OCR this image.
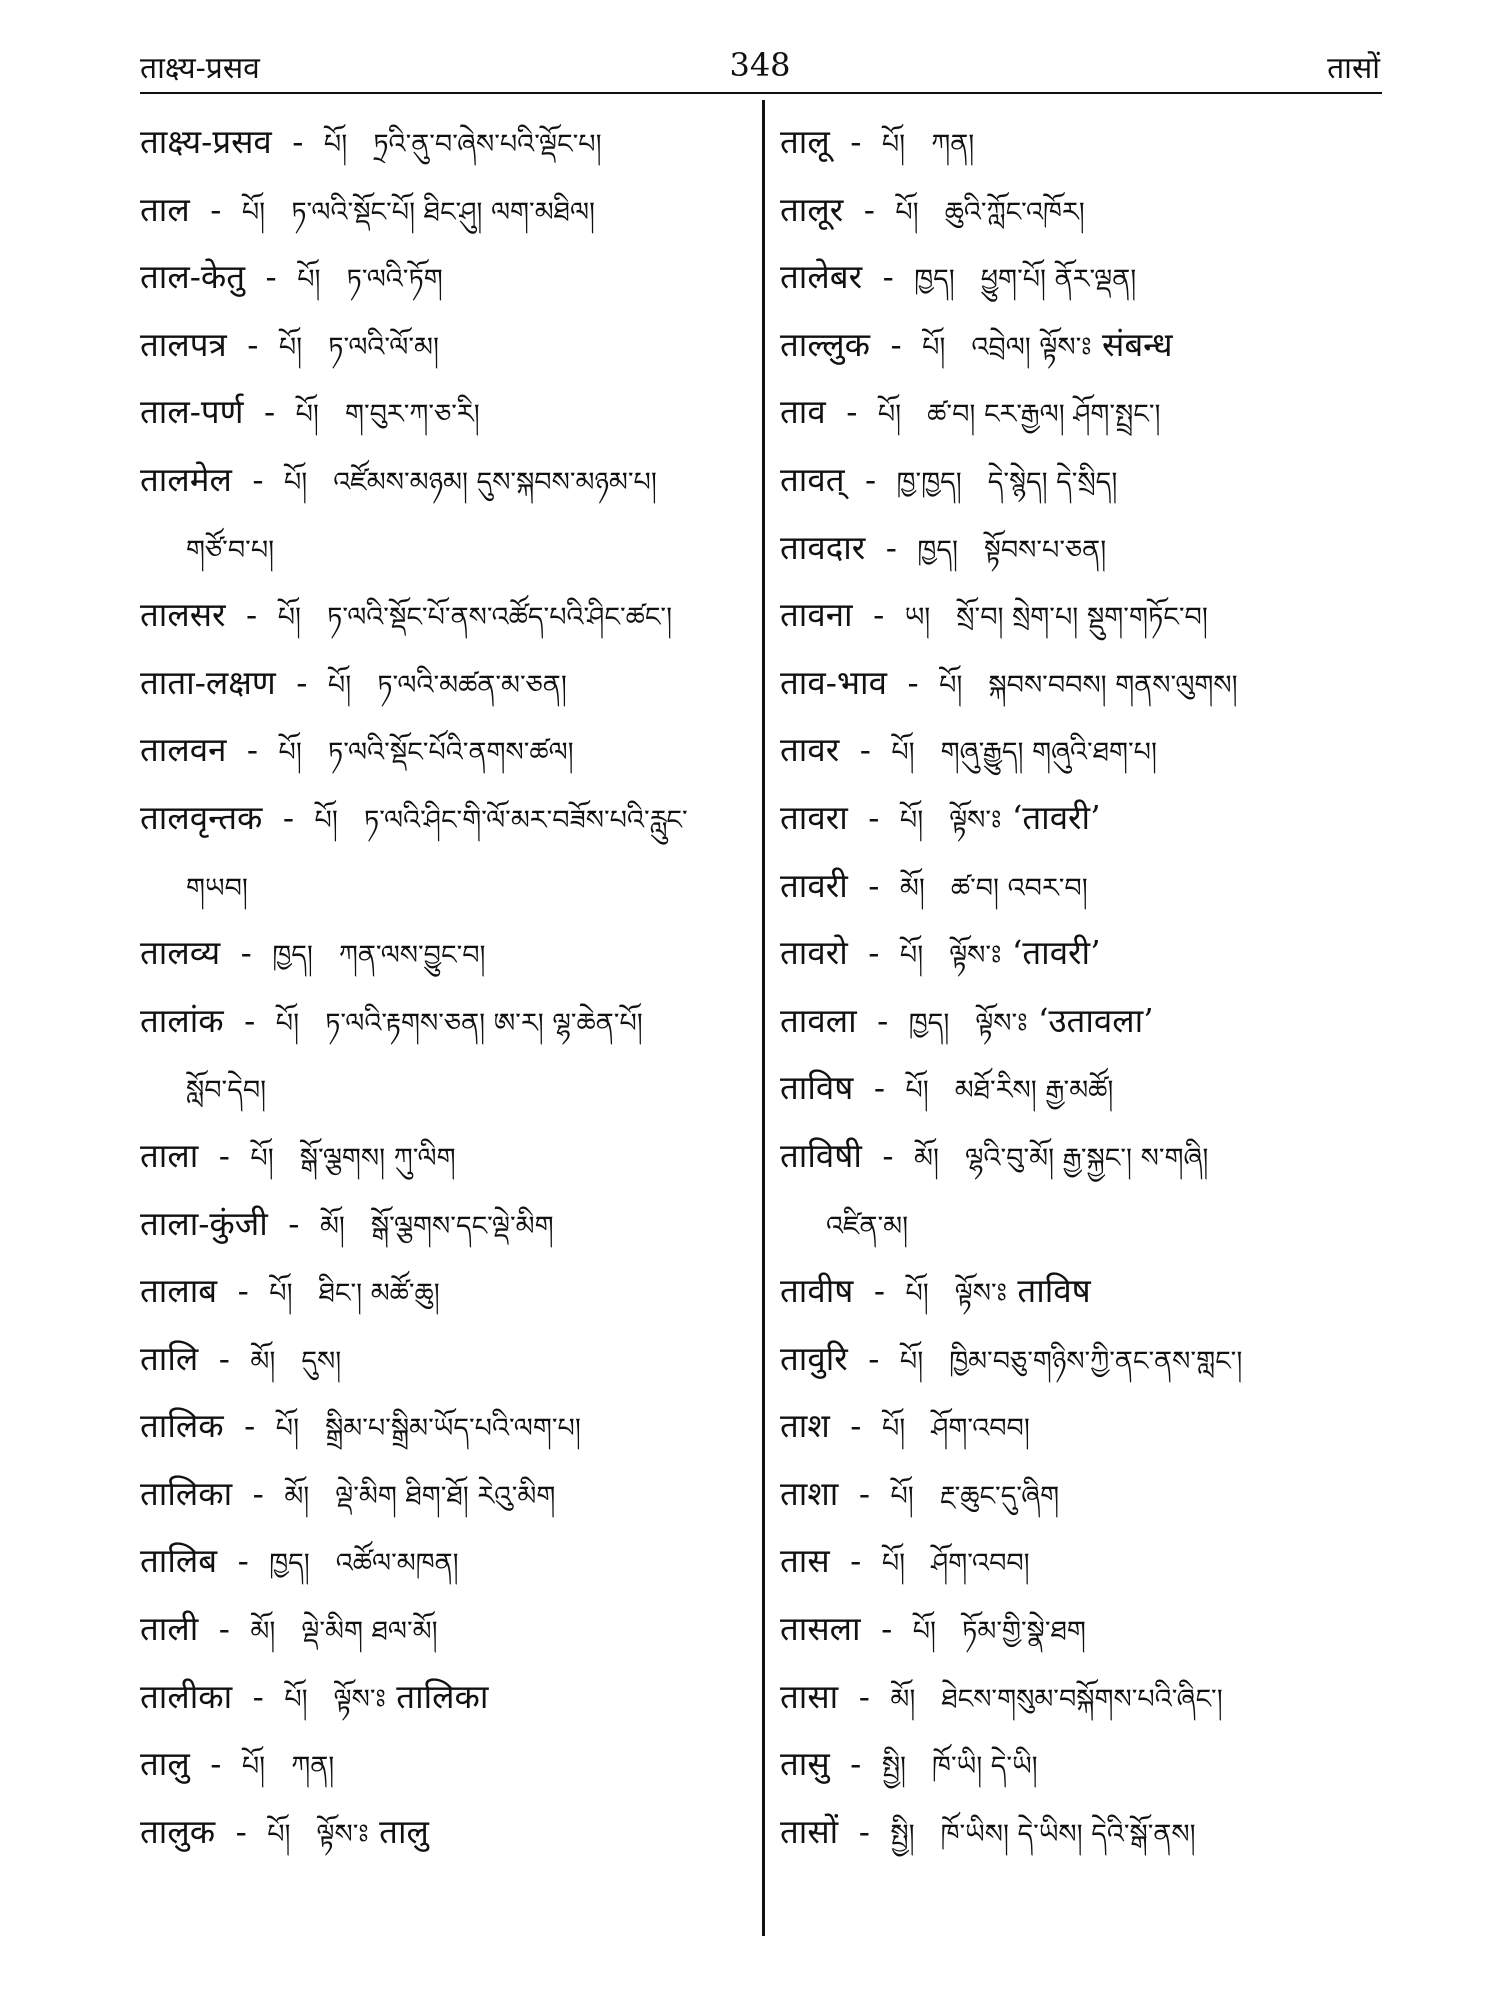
ताक्ष्य-प्रसव	348	तासों
ताक्ष्य-प्रसव - པོ། ཏྲའི་ནུ་བ་ཞེས་པའི་ལྡོང་པ།
ताल - པོ། ཏ་ལའི་སྡོང་པོ། ཐིང་ཤུ། ལག་མཐིལ།
ताल-केतु - པོ། ཏ་ལའི་ཏོག
तालपत्र - པོ། ཏ་ལའི་ལོ་མ།
ताल-पर्ण - པོ། ག་བུར་ཀ་ཅ་རི།
तालमेल - པོ། འཛོམས་མཉམ། དུས་སྐབས་མཉམ་པ།
གཙོ་བ་པ།
तालसर - པོ། ཏ་ལའི་སྡོང་པོ་ནས་འཚོད་པའི་ཤིང་ཚང་།
ताता-लक्षण - པོ། ཏ་ལའི་མཚན་མ་ཅན།
तालवन - པོ། ཏ་ལའི་སྡོང་པོའི་ནགས་ཚལ།
तालवृन्तक - པོ། ཏ་ལའི་ཤིང་གི་ལོ་མར་བཟོས་པའི་རླུང་
གཡབ།
तालव्य - ཁྱད། ཀན་ལས་བྱུང་བ།
तालांक - པོ། ཏ་ལའི་རྟགས་ཅན། ཨ་ར། ལྷ་ཆེན་པོ།
སློབ་དེབ།
ताला - པོ། སྒོ་ལྕགས། ཀུ་ལིག
ताला-कुंजी - མོ། སྒོ་ལྕགས་དང་ལྡེ་མིག
तालाब - པོ། ཐིང་། མཚོ་ཆུ།
तालि - མོ། དུས།
तालिक - པོ། སྒྲིམ་པ་སྒྲིམ་ཡོད་པའི་ལག་པ།
तालिका - མོ། ལྡེ་མིག ཐིག་ཐོ། རེའུ་མིག
तालिब - ཁྱད། འཚོལ་མཁན།
ताली - མོ། ལྡེ་མིག ཐལ་མོ།
तालीका - པོ། ལྟོས་ཿ तालिका
तालु - པོ། ཀན།
तालुक - པོ། ལྟོས་ཿ तालु
तालू - པོ། ཀན།
तालूर - པོ། ཆུའི་ཀློང་འཁོར།
तालेबर - ཁྱད། ཕྱུག་པོ། ནོར་ལྡན།
ताल्लुक - པོ། འབྲེལ། ལྟོས་ཿ संबन्ध
ताव - པོ། ཚ་བ། ངར་རྒྱལ། ཤོག་སྤྲང་།
तावत् - ཁྱ་ཁྱད། དེ་སྙེད། དེ་སྲིད།
तावदार - ཁྱད། སྟོབས་པ་ཅན།
तावना - ཡ། སྲོ་བ། སྲེག་པ། སྡུག་གཏོང་བ།
ताव-भाव - པོ། སྐབས་བབས། གནས་ལུགས།
तावर - པོ། གཞུ་རྒྱུད། གཞུའི་ཐག་པ།
तावरा - པོ། ལྟོས་ཿ ‘तावरी’
तावरी - མོ། ཚ་བ། འབར་བ།
तावरो - པོ། ལྟོས་ཿ ‘तावरी’
तावला - ཁྱད། ལྟོས་ཿ ‘उतावला’
ताविष - པོ། མཐོ་རིས། རྒྱ་མཚོ།
ताविषी - མོ། ལྷའི་བུ་མོ། རྒྱ་སྐྱང་། ས་གཞི།
འཛིན་མ།
तावीष - པོ། ལྟོས་ཿ ताविष
तावुरि - པོ། ཁྱིམ་བཅུ་གཉིས་ཀྱི་ནང་ནས་གླང་།
ताश - པོ། ཤོག་འབབ།
ताशा - པོ། རྔ་ཆུང་དུ་ཞིག
तास - པོ། ཤོག་འབབ།
तासला - པོ། ཏོམ་གྱི་སྣེ་ཐག
तासा - མོ། ཐེངས་གསུམ་བསྐོགས་པའི་ཞིང་།
तासु - སྤྱི། ཁོ་ཡི། དེ་ཡི།
तासों - སྤྱི། ཁོ་ཡིས། དེ་ཡིས། དེའི་སྒོ་ནས།
